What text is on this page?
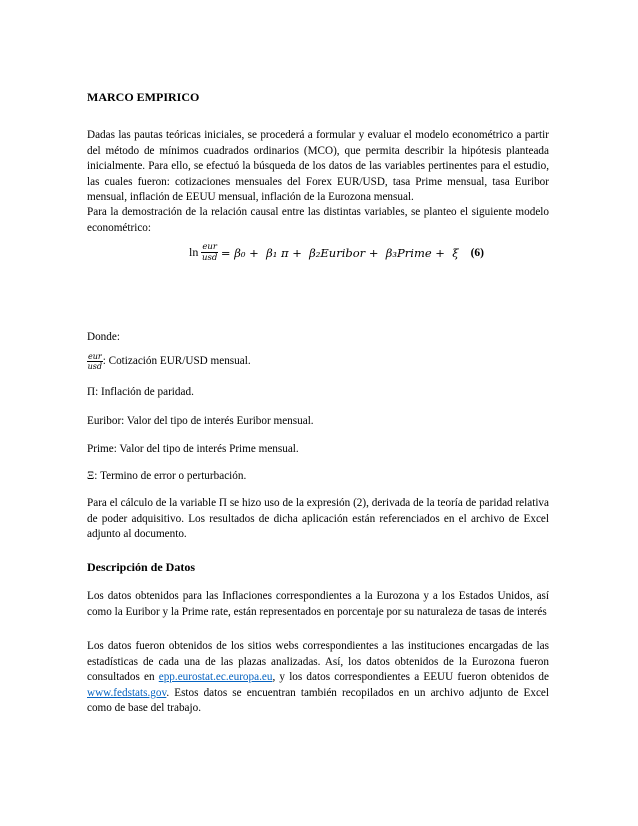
MARCO EMPIRICO

Dadas las pautas teóricas iniciales, se procederá a formular y evaluar el modelo econométrico a partir del método de mínimos cuadrados ordinarios (MCO), que permita describir la hipótesis planteada inicialmente. Para ello, se efectuó la búsqueda de los datos de las variables pertinentes para el estudio, las cuales fueron: cotizaciones mensuales del Forex EUR/USD, tasa Prime mensual, tasa Euribor mensual, inflación de EEUU mensual, inflación de la Eurozona mensual.

Para la demostración de la relación causal entre las distintas variables, se planteo el siguiente modelo econométrico:

$\ln \frac{\text{eur}}{\text{usd}} = \beta_0 + \beta_1$ π +  β₂Euribor +  β₃Prime +  ξ (6)

Donde:

$\frac{\text{eur}}{\text{usd}}$ : Cotización EUR/USD mensual.

Π: Inflación de paridad.

Euribor: Valor del tipo de interés Euribor mensual.

Prime: Valor del tipo de interés Prime mensual.

Ξ: Termino de error o perturbación.

Para el cálculo de la variable Π se hizo uso de la expresión (2), derivada de la teoría de paridad relativa de poder adquisitivo. Los resultados de dicha aplicación están referenciados en el archivo de Excel adjunto al documento.

Descripción de Datos

Los datos obtenidos para las Inflaciones correspondientes a la Eurozona y a los Estados Unidos, así como la Euribor y la Prime rate, están representados en porcentaje por su naturaleza de tasas de interés

Los datos fueron obtenidos de los sitios webs correspondientes a las instituciones encargadas de las estadísticas de cada una de las plazas analizadas. Así, los datos obtenidos de la Eurozona fueron consultados en epp.eurostat.ec.europa.eu, y los datos correspondientes a EEUU fueron obtenidos de www.fedstats.gov. Estos datos se encuentran también recopilados en un archivo adjunto de Excel como de base del trabajo.
